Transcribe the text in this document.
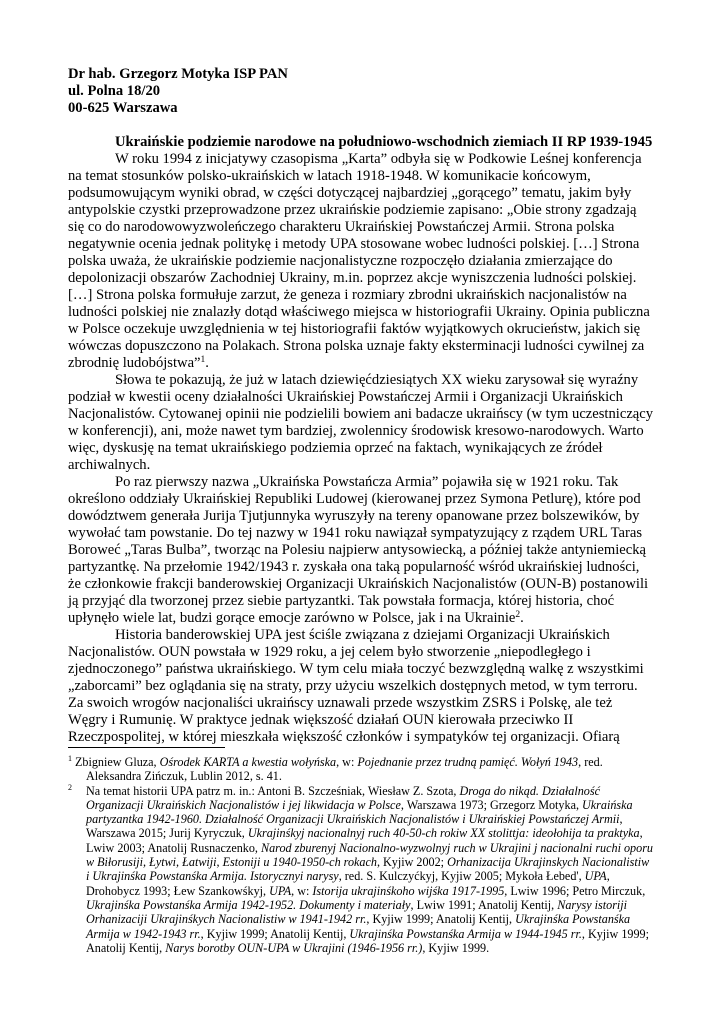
Dr hab. Grzegorz Motyka ISP PAN
ul. Polna 18/20
00-625 Warszawa
Ukraińskie podziemie narodowe na południowo-wschodnich ziemiach II RP 1939-1945
W roku 1994 z inicjatywy czasopisma „Karta” odbyła się w Podkowie Leśnej konferencja
na temat stosunków polsko-ukraińskich w latach 1918-1948. W komunikacie końcowym,
podsumowującym wyniki obrad, w części dotyczącej najbardziej „gorącego” tematu, jakim były
antypolskie czystki przeprowadzone przez ukraińskie podziemie zapisano: „Obie strony zgadzają
się co do narodowowyzwoleńczego charakteru Ukraińskiej Powstańczej Armii. Strona polska
negatywnie ocenia jednak politykę i metody UPA stosowane wobec ludności polskiej. […] Strona
polska uważa, że ukraińskie podziemie nacjonalistyczne rozpoczęło działania zmierzające do
depolonizacji obszarów Zachodniej Ukrainy, m.in. poprzez akcje wyniszczenia ludności polskiej.
[…] Strona polska formułuje zarzut, że geneza i rozmiary zbrodni ukraińskich nacjonalistów na
ludności polskiej nie znalazły dotąd właściwego miejsca w historiografii Ukrainy. Opinia publiczna
w Polsce oczekuje uwzględnienia w tej historiografii faktów wyjątkowych okrucieństw, jakich się
wówczas dopuszczono na Polakach. Strona polska uznaje fakty eksterminacji ludności cywilnej za
zbrodnię ludobójstwa”$^1$.
Słowa te pokazują, że już w latach dziewięćdziesiątych XX wieku zarysował się wyraźny
podział w kwestii oceny działalności Ukraińskiej Powstańczej Armii i Organizacji Ukraińskich
Nacjonalistów. Cytowanej opinii nie podzielili bowiem ani badacze ukraińscy (w tym uczestniczący
w konferencji), ani, może nawet tym bardziej, zwolennicy środowisk kresowo-narodowych. Warto
więc, dyskusję na temat ukraińskiego podziemia oprzeć na faktach, wynikających ze źródeł
archiwalnych.
Po raz pierwszy nazwa „Ukraińska Powstańcza Armia” pojawiła się w 1921 roku. Tak
określono oddziały Ukraińskiej Republiki Ludowej (kierowanej przez Symona Petlurę), które pod
dowództwem generała Jurija Tjutjunnyka wyruszyły na tereny opanowane przez bolszewików, by
wywołać tam powstanie. Do tej nazwy w 1941 roku nawiązał sympatyzujący z rządem URL Taras
Boroweć „Taras Bulba”, tworząc na Polesiu najpierw antysowiecką, a później także antyniemiecką
partyzantkę. Na przełomie 1942/1943 r. zyskała ona taką popularność wśród ukraińskiej ludności,
że członkowie frakcji banderowskiej Organizacji Ukraińskich Nacjonalistów (OUN-B) postanowili
ją przyjąć dla tworzonej przez siebie partyzantki. Tak powstała formacja, której historia, choć
upłynęło wiele lat, budzi gorące emocje zarówno w Polsce, jak i na Ukrainie$^2$.
Historia banderowskiej UPA jest ściśle związana z dziejami Organizacji Ukraińskich
Nacjonalistów. OUN powstała w 1929 roku, a jej celem było stworzenie „niepodległego i
zjednoczonego” państwa ukraińskiego. W tym celu miała toczyć bezwzględną walkę z wszystkimi
„zaborcami” bez oglądania się na straty, przy użyciu wszelkich dostępnych metod, w tym terroru.
Za swoich wrogów nacjonaliści ukraińscy uznawali przede wszystkim ZSRS i Polskę, ale też
Węgry i Rumunię. W praktyce jednak większość działań OUN kierowała przeciwko II
Rzeczpospolitej, w której mieszkała większość członków i sympatyków tej organizacji. Ofiarą
1 Zbigniew Gluza, Ośrodek KARTA a kwestia wołyńska, w: Pojednanie przez trudną pamięć. Wołyń 1943, red.
Aleksandra Zińczuk, Lublin 2012, s. 41.
2 Na temat historii UPA patrz m. in.: Antoni B. Szcześniak, Wiesław Z. Szota, Droga do nikąd. Działalność
Organizacji Ukraińskich Nacjonalistów i jej likwidacja w Polsce, Warszawa 1973; Grzegorz Motyka, Ukraińska
partyzantka 1942-1960. Działalność Organizacji Ukraińskich Nacjonalistów i Ukraińskiej Powstańczej Armii,
Warszawa 2015; Jurij Kyryczuk, Ukrajinśkyj nacionalnyj ruch 40-50-ch rokiw XX stolittja: ideołohija ta praktyka,
Lwiw 2003; Anatolij Rusnaczenko, Narod zburenyj Nacionalno-wyzwolnyj ruch w Ukrajini j nacionalni ruchi oporu
w Biłorusiji, Łytwi, Łatwiji, Estoniji u 1940-1950-ch rokach, Kyjiw 2002; Orhanizacija Ukrajinskych Nacionalistiw
i Ukrajinśka Powstanśka Armija. Istorycznyi narysy, red. S. Kulczyćkyj, Kyjiw 2005; Mykoła Łebed', UPA,
Drohobycz 1993; Łew Szankowśkyj, UPA, w: Istorija ukrajinśkoho wijśka 1917-1995, Lwiw 1996; Petro Mirczuk,
Ukrajinśka Powstanśka Armija 1942-1952. Dokumenty i materiały, Lwiw 1991; Anatolij Kentij, Narysy istoriji
Orhanizaciji Ukrajinśkych Nacionalistiw w 1941-1942 rr., Kyjiw 1999; Anatolij Kentij, Ukrajinśka Powstanśka
Armija w 1942-1943 rr., Kyjiw 1999; Anatolij Kentij, Ukrajinśka Powstanśka Armija w 1944-1945 rr., Kyjiw 1999;
Anatolij Kentij, Narys borotby OUN-UPA w Ukrajini (1946-1956 rr.), Kyjiw 1999.
